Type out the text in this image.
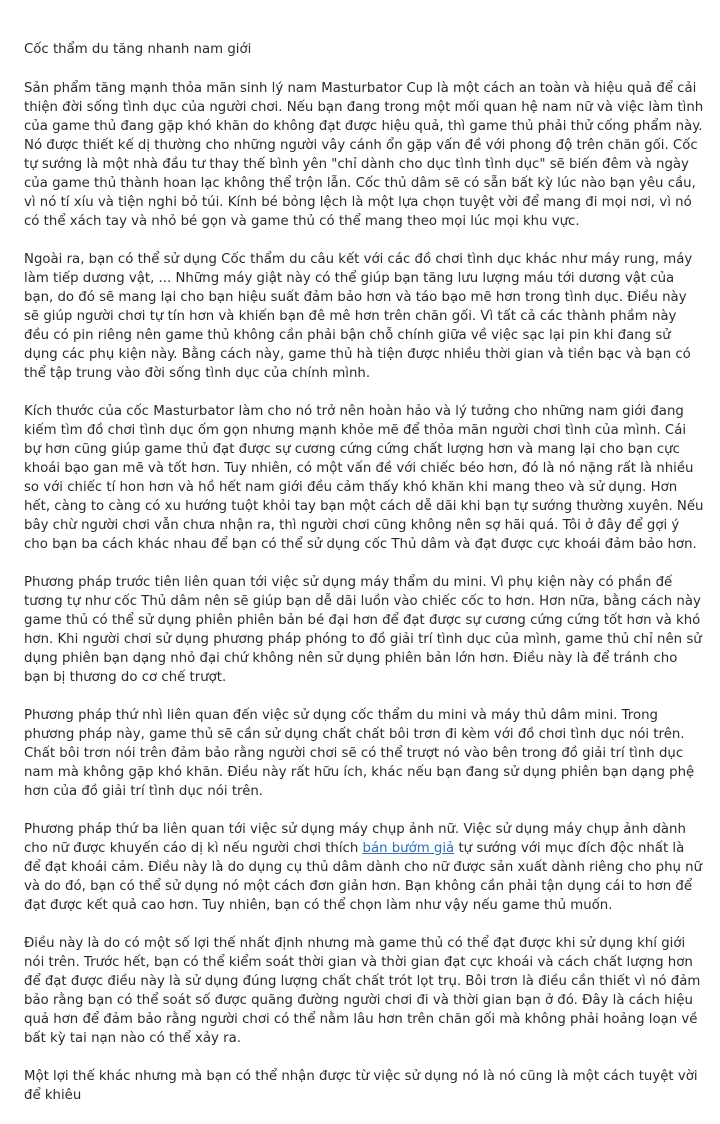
Cốc thẩm du tăng nhanh nam giới

Sản phẩm tăng mạnh thỏa mãn sinh lý nam Masturbator Cup là một cách an toàn và hiệu quả để cải thiện đời sống tình dục của người chơi. Nếu bạn đang trong một mối quan hệ nam nữ và việc làm tình của game thủ đang gặp khó khăn do không đạt được hiệu quả, thì game thủ phải thử cống phẩm này. Nó được thiết kế dị thường cho những người vây cánh ổn gặp vấn đề với phong độ trên chăn gối. Cốc tự sướng là một nhà đầu tư thay thế bình yên "chỉ dành cho dục tình tình dục" sẽ biến đêm và ngày của game thủ thành hoan lạc không thể trộn lẫn. Cốc thủ dâm sẽ có sẵn bất kỳ lúc nào bạn yêu cầu, vì nó tí xíu và tiện nghi bỏ túi. Kính bé bỏng lệch là một lựa chọn tuyệt vời để mang đi mọi nơi, vì nó có thể xách tay và nhỏ bé gọn và game thủ có thể mang theo mọi lúc mọi khu vực.

Ngoài ra, bạn có thể sử dụng Cốc thẩm du câu kết với các đồ chơi tình dục khác như máy rung, máy làm tiếp dương vật, ... Những máy giật này có thể giúp bạn tăng lưu lượng máu tới dương vật của bạn, do đó sẽ mang lại cho bạn hiệu suất đảm bảo hơn và táo bạo mẽ hơn trong tình dục. Điều này sẽ giúp người chơi tự tín hơn và khiến bạn đê mê hơn trên chăn gối. Vì tất cả các thành phầm này đều có pin riêng nên game thủ không cần phải bận chỗ chính giữa về việc sạc lại pin khi đang sử dụng các phụ kiện này. Bằng cách này, game thủ hà tiện được nhiều thời gian và tiền bạc và bạn có thể tập trung vào đời sống tình dục của chính mình.

Kích thước của cốc Masturbator làm cho nó trở nên hoàn hảo và lý tưởng cho những nam giới đang kiếm tìm đồ chơi tình dục ốm gọn nhưng mạnh khỏe mẽ để thỏa mãn người chơi tình của mình. Cái bự hơn cũng giúp game thủ đạt được sự cương cứng cứng chất lượng hơn và mang lại cho bạn cực khoái bạo gan mẽ và tốt hơn. Tuy nhiên, có một vấn đề với chiếc béo hơn, đó là nó nặng rất là nhiều so với chiếc tí hon hơn và hồ hết nam giới đều cảm thấy khó khăn khi mang theo và sử dụng. Hơn hết, càng to càng có xu hướng tuột khỏi tay bạn một cách dễ dãi khi bạn tự sướng thường xuyên. Nếu bây chừ người chơi vẫn chưa nhận ra, thì người chơi cũng không nên sợ hãi quá. Tôi ở đây để gợi ý cho bạn ba cách khác nhau để bạn có thể sử dụng cốc Thủ dâm và đạt được cực khoái đảm bảo hơn.

Phương pháp trước tiên liên quan tới việc sử dụng máy thẩm du mini. Vì phụ kiện này có phần đế tương tự như cốc Thủ dâm nên sẽ giúp bạn dễ dãi luồn vào chiếc cốc to hơn. Hơn nữa, bằng cách này game thủ có thể sử dụng phiên phiên bản bé đại hơn để đạt được sự cương cứng cứng tốt hơn và khó hơn. Khi người chơi sử dụng phương pháp phóng to đồ giải trí tình dục của mình, game thủ chỉ nên sử dụng phiên bạn dạng nhỏ đại chứ không nên sử dụng phiên bản lớn hơn. Điều này là để tránh cho bạn bị thương do cơ chế trượt.

Phương pháp thứ nhì liên quan đến việc sử dụng cốc thẩm du mini và máy thủ dâm mini. Trong phương pháp này, game thủ sẽ cần sử dụng chất chất bôi trơn đi kèm với đồ chơi tình dục nói trên. Chất bôi trơn nói trên đảm bảo rằng người chơi sẽ có thể trượt nó vào bên trong đồ giải trí tình dục nam mà không gặp khó khăn. Điều này rất hữu ích, khác nếu bạn đang sử dụng phiên bạn dạng phệ hơn của đồ giải trí tình dục nói trên.

Phương pháp thứ ba liên quan tới việc sử dụng máy chụp ảnh nữ. Việc sử dụng máy chụp ảnh dành cho nữ được khuyến cáo dị kì nếu người chơi thích bán bướm giả tự sướng với mục đích độc nhất là để đạt khoái cảm. Điều này là do dụng cụ thủ dâm dành cho nữ được sản xuất dành riêng cho phụ nữ và do đó, bạn có thể sử dụng nó một cách đơn giản hơn. Bạn không cần phải tận dụng cái to hơn để đạt được kết quả cao hơn. Tuy nhiên, bạn có thể chọn làm như vậy nếu game thủ muốn.

Điều này là do có một số lợi thế nhất định nhưng mà game thủ có thể đạt được khi sử dụng khí giới nói trên. Trước hết, bạn có thể kiểm soát thời gian và thời gian đạt cực khoái và cách chất lượng hơn để đạt được điều này là sử dụng đúng lượng chất chất trót lọt trụ. Bôi trơn là điều cần thiết vì nó đảm bảo rằng bạn có thể soát số được quãng đường người chơi đi và thời gian bạn ở đó. Đây là cách hiệu quả hơn để đảm bảo rằng người chơi có thể nằm lâu hơn trên chăn gối mà không phải hoảng loạn về bất kỳ tai nạn nào có thể xảy ra.

Một lợi thế khác nhưng mà bạn có thể nhận được từ việc sử dụng nó là nó cũng là một cách tuyệt vời để khiêu
